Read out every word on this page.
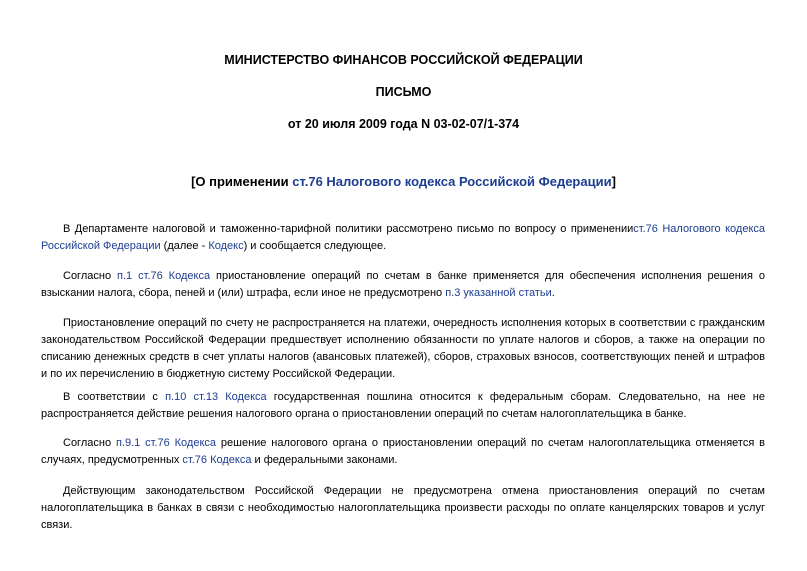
МИНИСТЕРСТВО ФИНАНСОВ РОССИЙСКОЙ ФЕДЕРАЦИИ
ПИСЬМО
от 20 июля 2009 года N 03-02-07/1-374
[О применении ст.76 Налогового кодекса Российской Федерации]
В Департаменте налоговой и таможенно-тарифной политики рассмотрено письмо по вопросу о применениист.76 Налогового кодекса Российской Федерации (далее - Кодекс) и сообщается следующее.
Согласно п.1 ст.76 Кодекса приостановление операций по счетам в банке применяется для обеспечения исполнения решения о взыскании налога, сбора, пеней и (или) штрафа, если иное не предусмотрено п.3 указанной статьи.
Приостановление операций по счету не распространяется на платежи, очередность исполнения которых в соответствии с гражданским законодательством Российской Федерации предшествует исполнению обязанности по уплате налогов и сборов, а также на операции по списанию денежных средств в счет уплаты налогов (авансовых платежей), сборов, страховых взносов, соответствующих пеней и штрафов и по их перечислению в бюджетную систему Российской Федерации.
В соответствии с п.10 ст.13 Кодекса государственная пошлина относится к федеральным сборам. Следовательно, на нее не распространяется действие решения налогового органа о приостановлении операций по счетам налогоплательщика в банке.
Согласно п.9.1 ст.76 Кодекса решение налогового органа о приостановлении операций по счетам налогоплательщика отменяется в случаях, предусмотренных ст.76 Кодекса и федеральными законами.
Действующим законодательством Российской Федерации не предусмотрена отмена приостановления операций по счетам налогоплательщика в банках в связи с необходимостью налогоплательщика произвести расходы по оплате канцелярских товаров и услуг связи.
